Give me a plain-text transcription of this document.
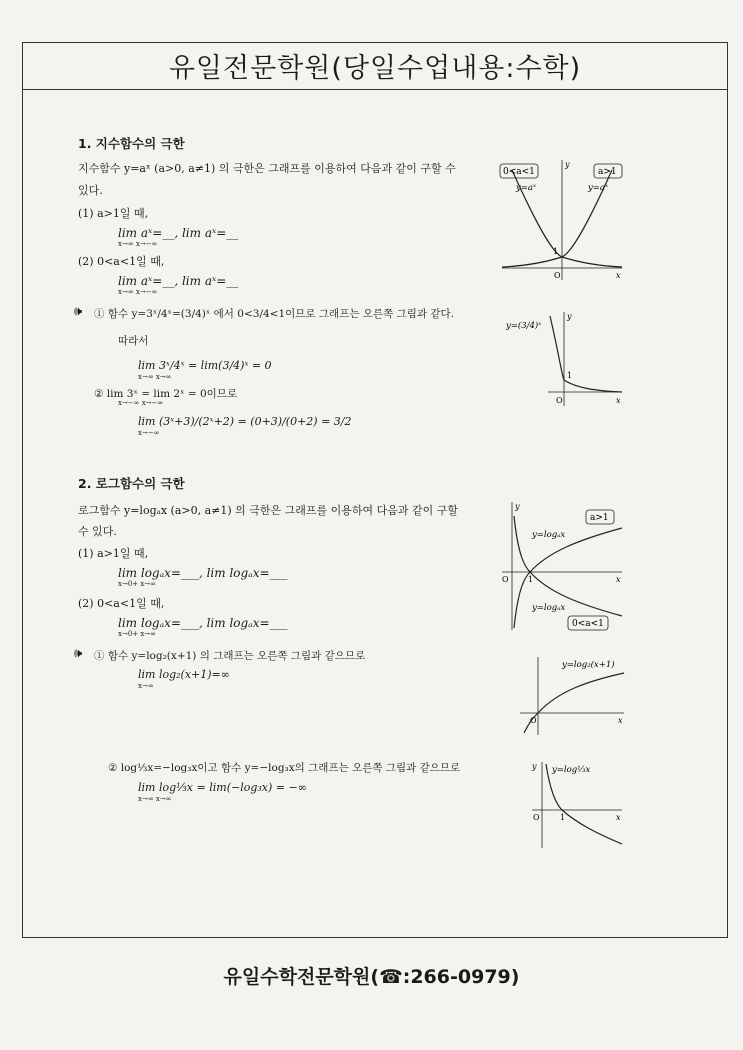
유일전문학원(당일수업내용:수학)
1. 지수함수의 극한
지수함수 y=aˣ (a>0, a≠1) 의 극한은 그래프를 이용하여 다음과 같이 구할 수
있다.
(1) a>1일 때,
lim aˣ=__, lim aˣ=__
x→∞ x→−∞
(2) 0<a<1일 때,
lim aˣ=__, lim aˣ=__
x→∞ x→−∞
🕪 ① 함수 y=3ˣ/4ˣ=(3/4)ˣ 에서 0<3/4<1이므로 그래프는 오른쪽 그림과 같다.
따라서
lim 3ˣ/4ˣ = lim(3/4)ˣ = 0
x→∞ x→∞
② lim 3ˣ = lim 2ˣ = 0이므로
x→−∞ x→−∞
lim (3ˣ+3)/(2ˣ+2) = (0+3)/(0+2) = 3/2
x→−∞
2. 로그함수의 극한
로그함수 y=logₐx (a>0, a≠1) 의 극한은 그래프를 이용하여 다음과 같이 구할
수 있다.
(1) a>1일 때,
lim logₐx=___, lim logₐx=___
x→0+ x→∞
(2) 0<a<1일 때,
lim logₐx=___, lim logₐx=___
x→0+ x→∞
🕪 ① 함수 y=log₂(x+1) 의 그래프는 오른쪽 그림과 같으므로
lim log₂(x+1)=∞
x→∞
② log⅓x=−log₃x이고 함수 y=−log₃x의 그래프는 오른쪽 그림과 같으므로
lim log⅓x = lim(−log₃x) = −∞
x→∞ x→∞
0<a<1	a>1
y=aˣ	y=aˣ
1
O	x
y
y=(3/4)ˣ
1
O	x
y
a>1
y=logₐx
y=logₐx
0<a<1
O 1	x
y
y=log₂(x+1)
O	x
y=log⅓x
O	1	x
y
유일수학전문학원(☎:266-0979)
